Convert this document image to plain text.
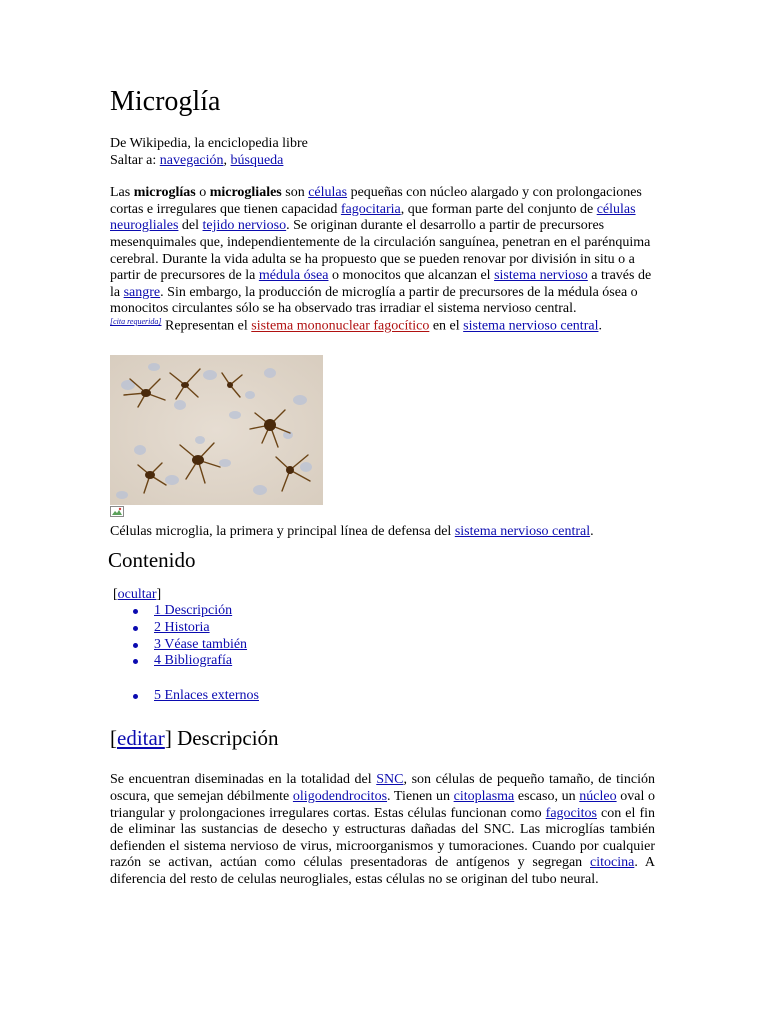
Microglía
De Wikipedia, la enciclopedia libre
Saltar a: navegación, búsqueda

Las microglías o microgliales son células pequeñas con núcleo alargado y con prolongaciones cortas e irregulares que tienen capacidad fagocitaria, que forman parte del conjunto de células neurogliales del tejido nervioso. Se originan durante el desarrollo a partir de precursores mesenquimales que, independientemente de la circulación sanguínea, penetran en el parénquima cerebral. Durante la vida adulta se ha propuesto que se pueden renovar por división in situ o a partir de precursores de la médula ósea o monocitos que alcanzan el sistema nervioso a través de la sangre. Sin embargo, la producción de microglía a partir de precursores de la médula ósea o monocitos circulantes sólo se ha observado tras irradiar el sistema nervioso central.
[cita requerida] Representan el sistema mononuclear fagocítico en el sistema nervioso central.

Células microglia, la primera y principal línea de defensa del sistema nervioso central.
Contenido
[ocultar]
1 Descripción
2 Historia
3 Véase también
4 Bibliografía
5 Enlaces externos
[editar] Descripción

Se encuentran diseminadas en la totalidad del SNC, son células de pequeño tamaño, de tinción oscura, que semejan débilmente oligodendrocitos. Tienen un citoplasma escaso, un núcleo oval o triangular y prolongaciones irregulares cortas. Estas células funcionan como fagocitos con el fin de eliminar las sustancias de desecho y estructuras dañadas del SNC. Las microglías también defienden el sistema nervioso de virus, microorganismos y tumoraciones. Cuando por cualquier razón se activan, actúan como células presentadoras de antígenos y segregan citocina. A diferencia del resto de celulas neurogliales, estas células no se originan del tubo neural.
